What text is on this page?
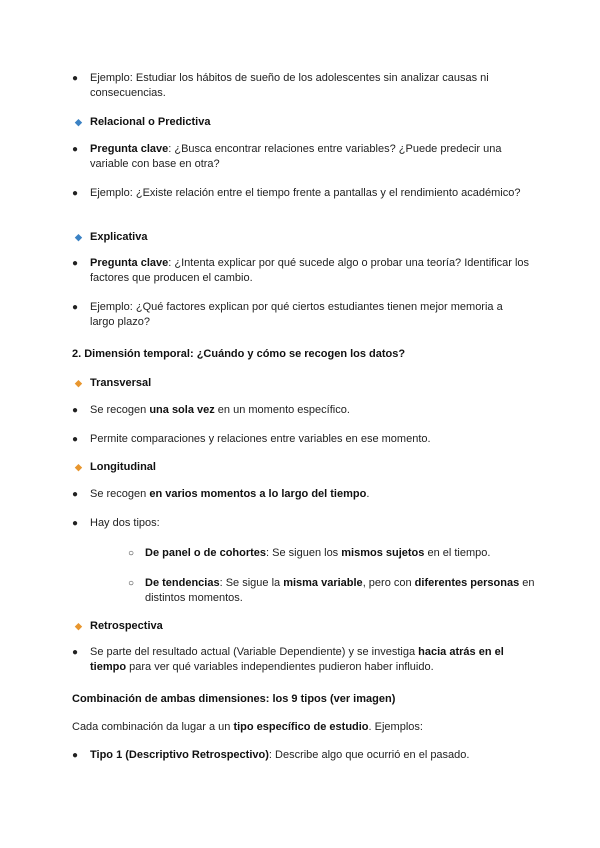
● Ejemplo: Estudiar los hábitos de sueño de los adolescentes sin analizar causas ni consecuencias.
◆ Relacional o Predictiva
● Pregunta clave: ¿Busca encontrar relaciones entre variables? ¿Puede predecir una variable con base en otra?
● Ejemplo: ¿Existe relación entre el tiempo frente a pantallas y el rendimiento académico?
◆ Explicativa
● Pregunta clave: ¿Intenta explicar por qué sucede algo o probar una teoría? Identificar los factores que producen el cambio.
● Ejemplo: ¿Qué factores explican por qué ciertos estudiantes tienen mejor memoria a largo plazo?
2. Dimensión temporal: ¿Cuándo y cómo se recogen los datos?
◆ Transversal
● Se recogen una sola vez en un momento específico.
● Permite comparaciones y relaciones entre variables en ese momento.
◆ Longitudinal
● Se recogen en varios momentos a lo largo del tiempo.
● Hay dos tipos:
○ De panel o de cohortes: Se siguen los mismos sujetos en el tiempo.
○ De tendencias: Se sigue la misma variable, pero con diferentes personas en distintos momentos.
◆ Retrospectiva
● Se parte del resultado actual (Variable Dependiente) y se investiga hacia atrás en el tiempo para ver qué variables independientes pudieron haber influido.
Combinación de ambas dimensiones: los 9 tipos (ver imagen)
Cada combinación da lugar a un tipo específico de estudio. Ejemplos:
● Tipo 1 (Descriptivo Retrospectivo): Describe algo que ocurrió en el pasado.
